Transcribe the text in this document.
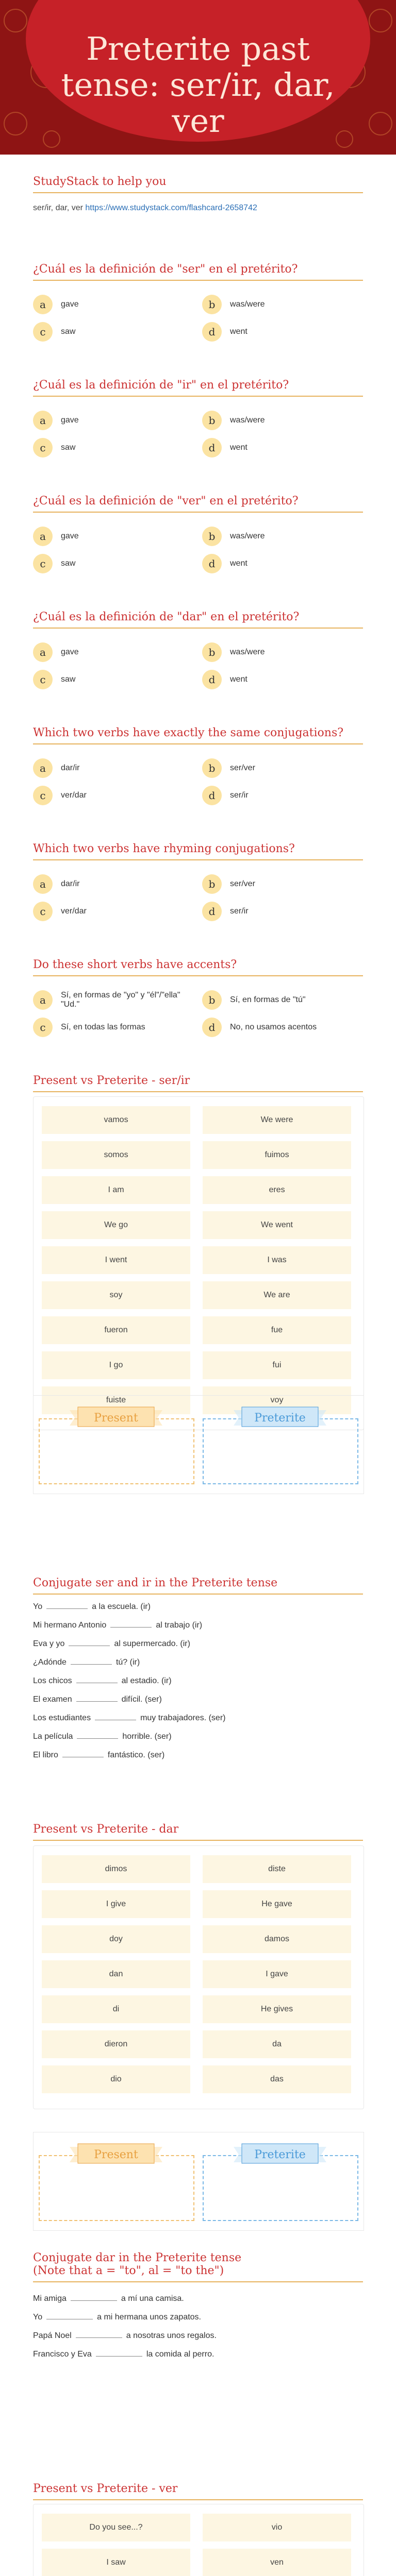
Preterite past tense: ser/ir, dar, ver
StudyStack to help you
ser/ir, dar, ver https://www.studystack.com/flashcard-2658742
¿Cuál es la definición de "ser" en el pretérito?
a	gave	b	was/were
c	saw	d	went
¿Cuál es la definición de "ir" en el pretérito?
a	gave	b	was/were
c	saw	d	went
¿Cuál es la definición de "ver" en el pretérito?
a	gave	b	was/were
c	saw	d	went
¿Cuál es la definición de "dar" en el pretérito?
a	gave	b	was/were
c	saw	d	went
Which two verbs have exactly the same conjugations?
a	dar/ir	b	ser/ver
c	ver/dar	d	ser/ir
Which two verbs have rhyming conjugations?
a	dar/ir	b	ser/ver
c	ver/dar	d	ser/ir
Do these short verbs have accents?
a	Sí, en formas de "yo" y "él"/"ella" "Ud."	b	Sí, en formas de "tú"
c	Sí, en todas las formas	d	No, no usamos acentos
Present vs Preterite - ser/ir
vamos	We were
somos	fuimos
I am	eres
We go	We went
I went	I was
soy	We are
fueron	fue
I go	fui
fuiste	voy
Present	Preterite
Present vs Preterite - dar
dimos	diste
I give	He gave
doy	damos
dan	I gave
di	He gives
dieron	da
dio	das
Present	Preterite
Present vs Preterite - ver
Do you see...?	vio
I saw	ven
Conjugate ser and ir in the Preterite tense
Yo	a la escuela. (ir)
Mi hermano Antonio	al trabajo (ir)
Eva y yo	al supermercado. (ir)
¿Adónde	tú? (ir)
Los chicos	al estadio. (ir)
El examen	difícil. (ser)
Los estudiantes	muy trabajadores. (ser)
La película	horrible. (ser)
El libro	fantástico. (ser)
Conjugate dar in the Preterite tense
(Note that a = "to", al = "to the")
Mi amiga	a mí una camisa.
Yo	a mi hermana unos zapatos.
Papá Noel	a nosotras unos regalos.
Francisco y Eva	la comida al perro.
